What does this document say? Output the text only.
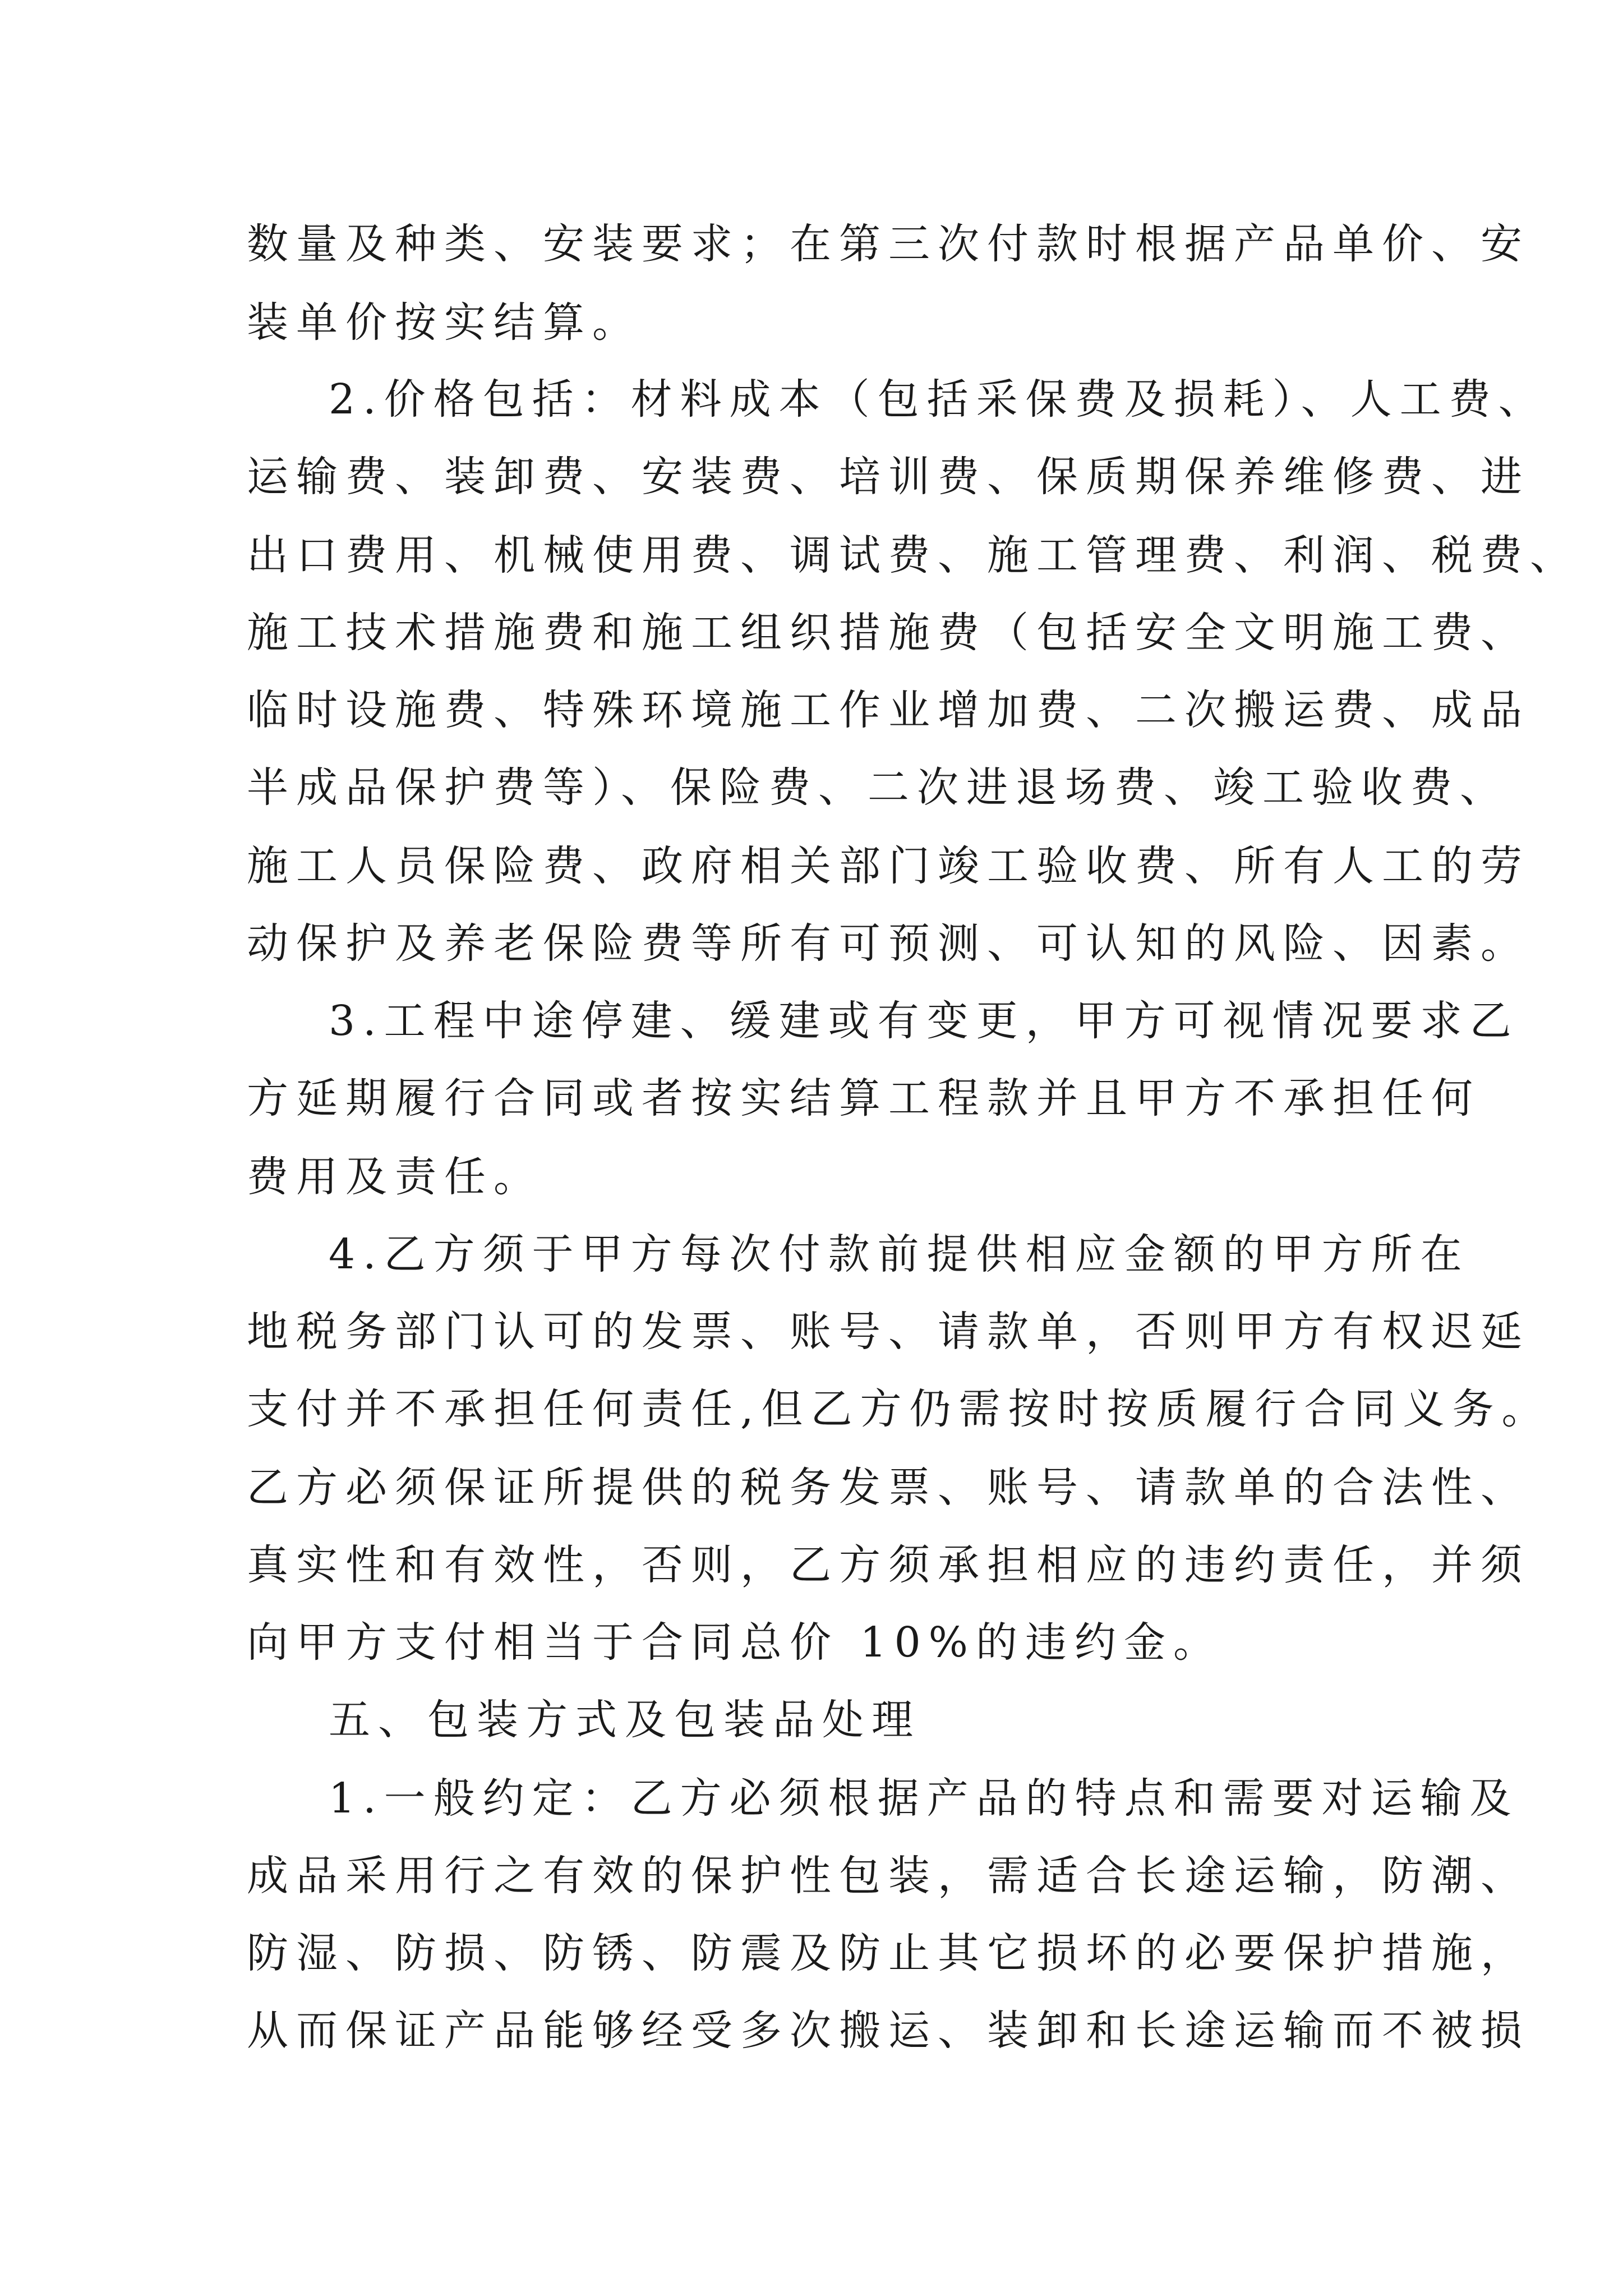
数量及种类、安装要求；在第三次付款时根据产品单价、安

装单价按实结算。

2.价格包括：材料成本（包括采保费及损耗）、人工费、

运输费、装卸费、安装费、培训费、保质期保养维修费、进

出口费用、机械使用费、调试费、施工管理费、利润、税费、

施工技术措施费和施工组织措施费（包括安全文明施工费、

临时设施费、特殊环境施工作业增加费、二次搬运费、成品

半成品保护费等）、保险费、二次进退场费、竣工验收费、

施工人员保险费、政府相关部门竣工验收费、所有人工的劳

动保护及养老保险费等所有可预测、可认知的风险、因素。

3.工程中途停建、缓建或有变更，甲方可视情况要求乙

方延期履行合同或者按实结算工程款并且甲方不承担任何

费用及责任。

4.乙方须于甲方每次付款前提供相应金额的甲方所在

地税务部门认可的发票、账号、请款单，否则甲方有权迟延

支付并不承担任何责任,但乙方仍需按时按质履行合同义务。

乙方必须保证所提供的税务发票、账号、请款单的合法性、

真实性和有效性，否则，乙方须承担相应的违约责任，并须

向甲方支付相当于合同总价 10%的违约金。

五、包装方式及包装品处理

1.一般约定：乙方必须根据产品的特点和需要对运输及

成品采用行之有效的保护性包装，需适合长途运输，防潮、

防湿、防损、防锈、防震及防止其它损坏的必要保护措施，

从而保证产品能够经受多次搬运、装卸和长途运输而不被损
